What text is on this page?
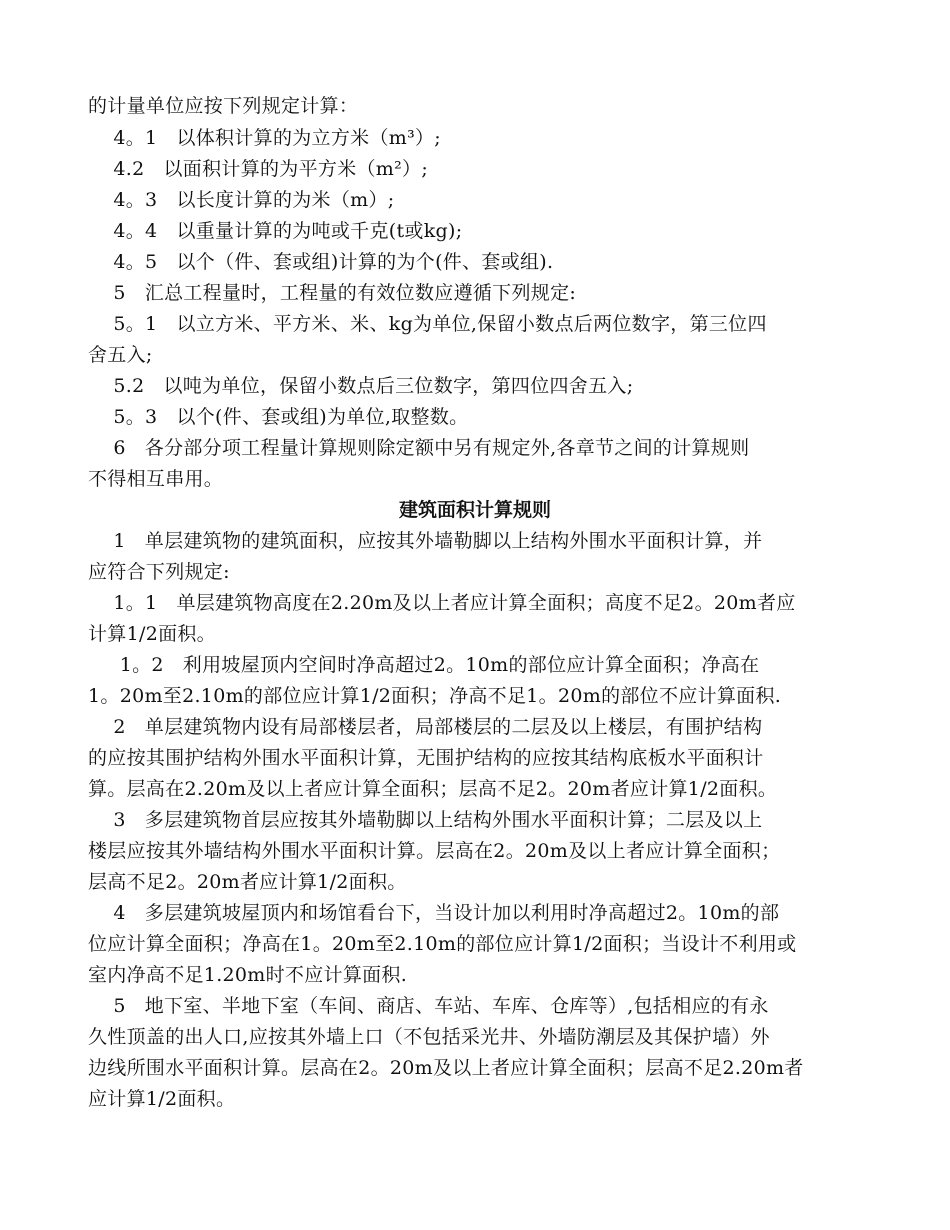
的计量单位应按下列规定计算：
4。1   以体积计算的为立方米（m³）;
4.2   以面积计算的为平方米（m²）;
4。3   以长度计算的为米（m）;
4。4   以重量计算的为吨或千克(t或kg);
4。5   以个（件、套或组)计算的为个(件、套或组).
5   汇总工程量时，工程量的有效位数应遵循下列规定:
5。1   以立方米、平方米、米、kg为单位,保留小数点后两位数字，第三位四
舍五入;
5.2   以吨为单位，保留小数点后三位数字，第四位四舍五入;
5。3   以个(件、套或组)为单位,取整数。
6   各分部分项工程量计算规则除定额中另有规定外,各章节之间的计算规则
不得相互串用。
建筑面积计算规则
1   单层建筑物的建筑面积，应按其外墙勒脚以上结构外围水平面积计算，并
应符合下列规定:
1。1   单层建筑物高度在2.20m及以上者应计算全面积；高度不足2。20m者应
计算1/2面积。
1。2   利用坡屋顶内空间时净高超过2。10m的部位应计算全面积；净高在
1。20m至2.10m的部位应计算1/2面积；净高不足1。20m的部位不应计算面积.
2   单层建筑物内设有局部楼层者，局部楼层的二层及以上楼层，有围护结构
的应按其围护结构外围水平面积计算，无围护结构的应按其结构底板水平面积计
算。层高在2.20m及以上者应计算全面积；层高不足2。20m者应计算1/2面积。
3   多层建筑物首层应按其外墙勒脚以上结构外围水平面积计算；二层及以上
楼层应按其外墙结构外围水平面积计算。层高在2。20m及以上者应计算全面积；
层高不足2。20m者应计算1/2面积。
4   多层建筑坡屋顶内和场馆看台下，当设计加以利用时净高超过2。10m的部
位应计算全面积；净高在1。20m至2.10m的部位应计算1/2面积；当设计不利用或
室内净高不足1.20m时不应计算面积.
5   地下室、半地下室（车间、商店、车站、车库、仓库等）,包括相应的有永
久性顶盖的出人口,应按其外墙上口（不包括采光井、外墙防潮层及其保护墙）外
边线所围水平面积计算。层高在2。20m及以上者应计算全面积；层高不足2.20m者
应计算1/2面积。
